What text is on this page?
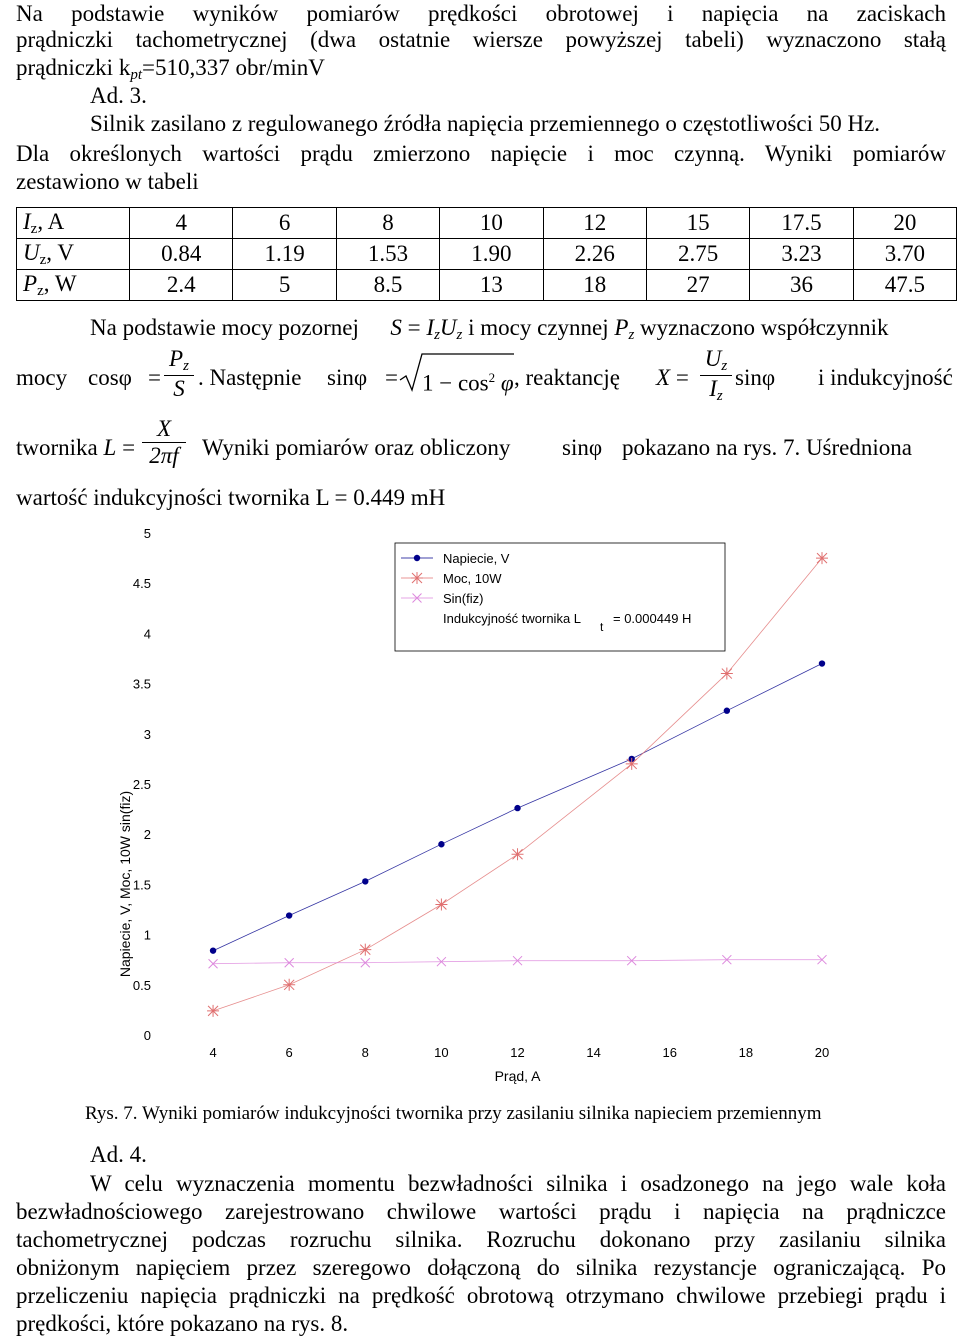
Na podstawie wyników pomiarów prędkości obrotowej i napięcia na zaciskach
prądniczki tachometrycznej (dwa ostatnie wiersze powyższej tabeli) wyznaczono stałą
prądniczki $k_{pt}=510,337$ obr/minV
Ad. 3.
Silnik zasilano z regulowanego źródła napięcia przemiennego o częstotliwości 50 Hz.
Dla określonych wartości prądu zmierzono napięcie i moc czynną. Wyniki pomiarów
zestawiono w tabeli
$I_z$, A	4	6	8	10	12	15	17.5	20
$U_z$, V	0.84	1.19	1.53	1.90	2.26	2.75	3.23	3.70
$P_z$, W	2.4	5	8.5	13	18	27	36	47.5
Na podstawie mocy pozornej $S = I_zU_z$ i mocy czynnej $P_z$ wyznaczono współczynnik
mocy $\cos\varphi = \frac{P_z}{S}$ . Następnie	sinφ =	$1 - \cos^2 \varphi$ , reaktancję	$X = \frac{U_z}{I_z}$ sinφ	i indukcyjność
twornika $L = \frac{X}{2\pi f}$ Wyniki pomiarów oraz obliczony	sinφ pokazano na rys. 7. Uśredniona
wartość indukcyjności twornika L = 0.449 mH
0
0.5
1
1.5
2
2.5
3
3.5
4
4.5
5
4	6	8	10	12	14	16	18	20
Prąd, A
Napiecie, V, Moc, 10W sin(fiz)
Napiecie, V
Moc, 10W
Sin(fiz)
Indukcyjność twornika L
t
= 0.000449 H
Rys. 7. Wyniki pomiarów indukcyjności twornika przy zasilaniu silnika napieciem przemiennym
Ad. 4.
W celu wyznaczenia momentu bezwładności silnika i osadzonego na jego wale koła
bezwładnościowego zarejestrowano chwilowe wartości prądu i napięcia na prądniczce
tachometrycznej podczas rozruchu silnika. Rozruchu dokonano przy zasilaniu silnika
obniżonym napięciem przez szeregowo dołączoną do silnika rezystancje ograniczającą. Po
przeliczeniu napięcia prądniczki na prędkość obrotową otrzymano chwilowe przebiegi prądu i
prędkości, które pokazano na rys. 8.
